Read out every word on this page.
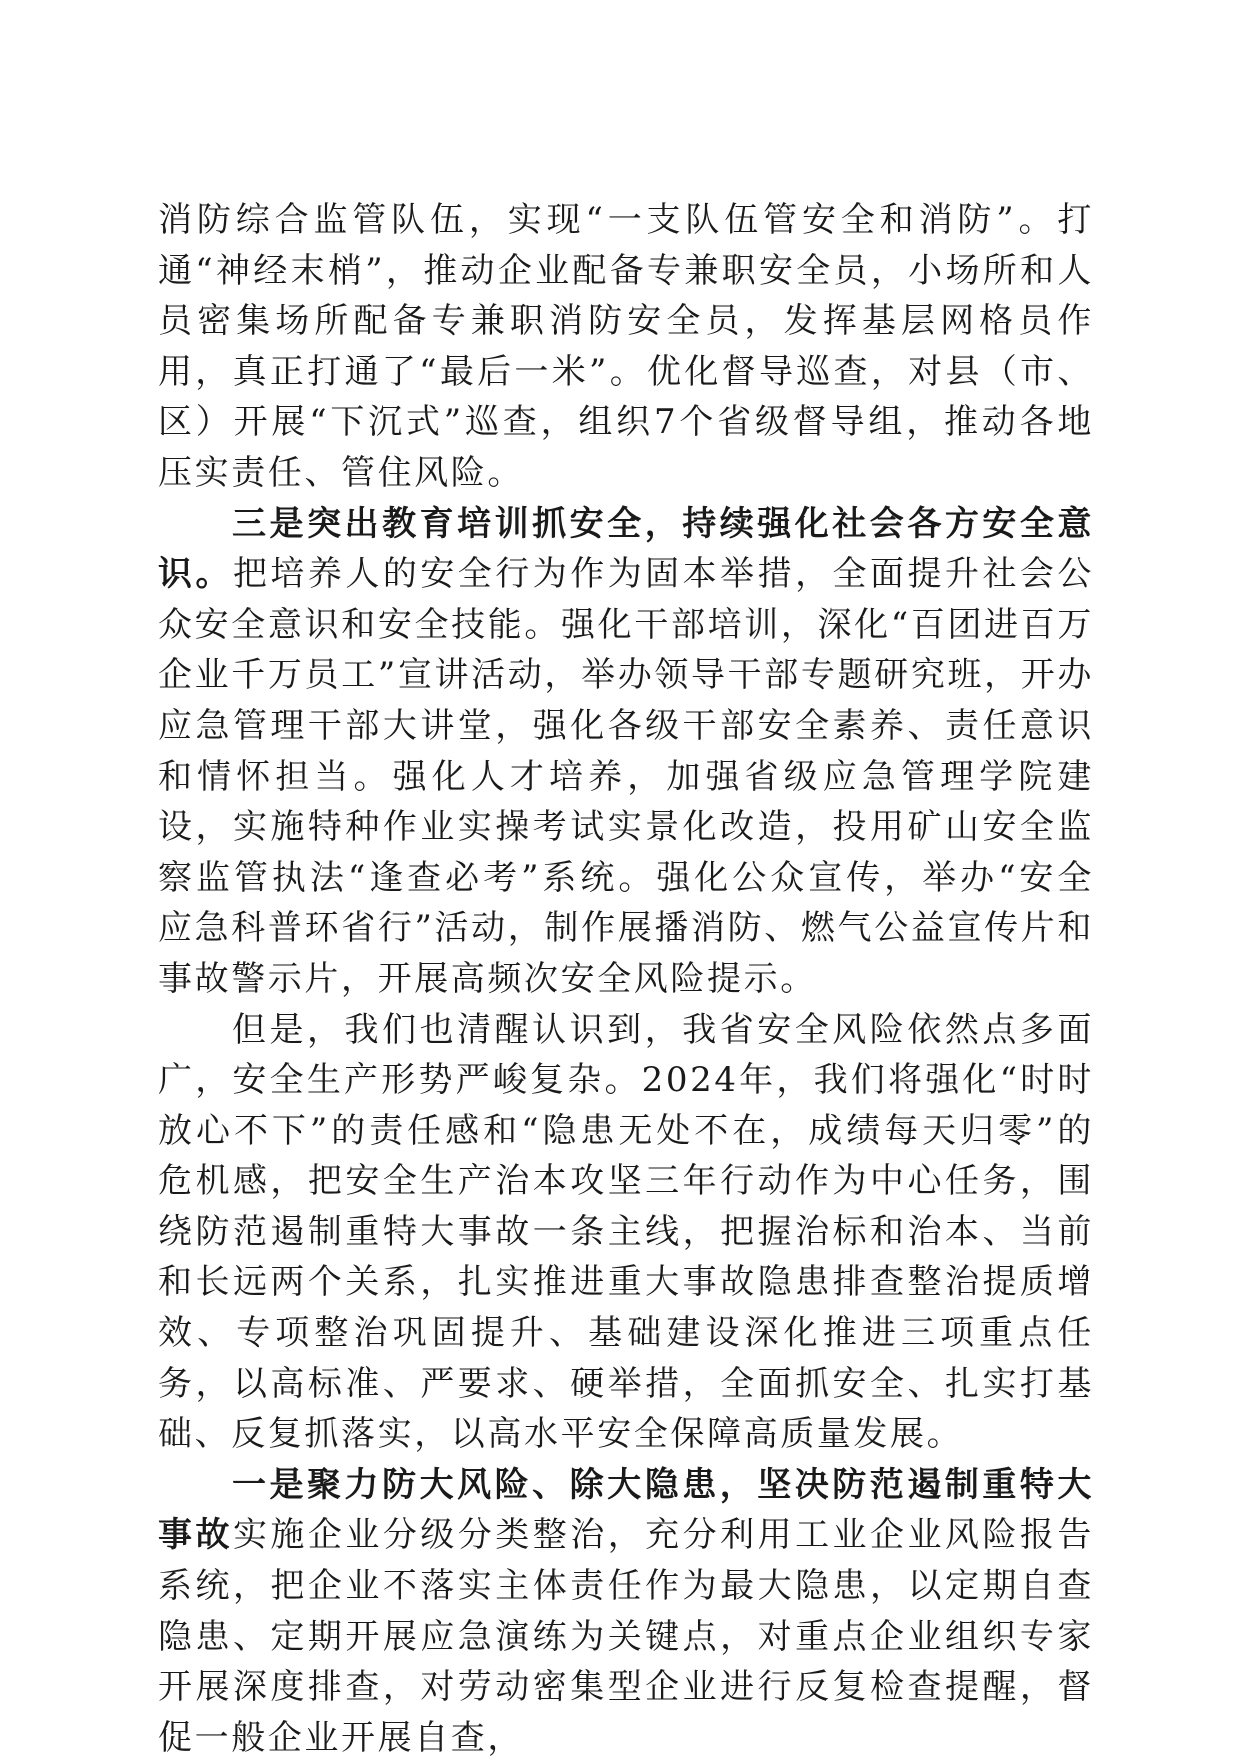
消防综合监管队伍，实现“一支队伍管安全和消防”。打通“神经末梢”，推动企业配备专兼职安全员，小场所和人员密集场所配备专兼职消防安全员，发挥基层网格员作用，真正打通了“最后一米”。优化督导巡查，对县（市、区）开展“下沉式”巡查，组织7个省级督导组，推动各地压实责任、管住风险。

三是突出教育培训抓安全，持续强化社会各方安全意识。把培养人的安全行为作为固本举措，全面提升社会公众安全意识和安全技能。强化干部培训，深化“百团进百万企业千万员工”宣讲活动，举办领导干部专题研究班，开办应急管理干部大讲堂，强化各级干部安全素养、责任意识和情怀担当。强化人才培养，加强省级应急管理学院建设，实施特种作业实操考试实景化改造，投用矿山安全监察监管执法“逢查必考”系统。强化公众宣传，举办“安全应急科普环省行”活动，制作展播消防、燃气公益宣传片和事故警示片，开展高频次安全风险提示。

但是，我们也清醒认识到，我省安全风险依然点多面广，安全生产形势严峻复杂。2024年，我们将强化“时时放心不下”的责任感和“隐患无处不在，成绩每天归零”的危机感，把安全生产治本攻坚三年行动作为中心任务，围绕防范遏制重特大事故一条主线，把握治标和治本、当前和长远两个关系，扎实推进重大事故隐患排查整治提质增效、专项整治巩固提升、基础建设深化推进三项重点任务，以高标准、严要求、硬举措，全面抓安全、扎实打基础、反复抓落实，以高水平安全保障高质量发展。

一是聚力防大风险、除大隐患，坚决防范遏制重特大事故实施企业分级分类整治，充分利用工业企业风险报告系统，把企业不落实主体责任作为最大隐患，以定期自查隐患、定期开展应急演练为关键点，对重点企业组织专家开展深度排查，对劳动密集型企业进行反复检查提醒，督促一般企业开展自查，
